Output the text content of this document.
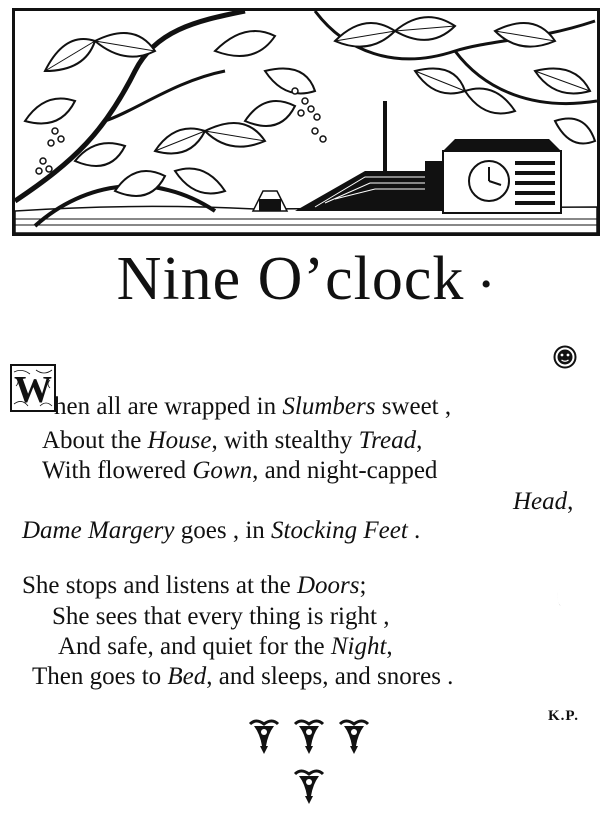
Nine O’clock •
W hen all are wrapped in Slumbers sweet ,
About the House, with stealthy Tread,
With flowered Gown, and night-capped
Head,
Dame Margery goes , in Stocking Feet .
She stops and listens at the Doors;
She sees that every thing is right ,
And safe, and quiet for the Night,
Then goes to Bed, and sleeps, and snores .
K.P.
